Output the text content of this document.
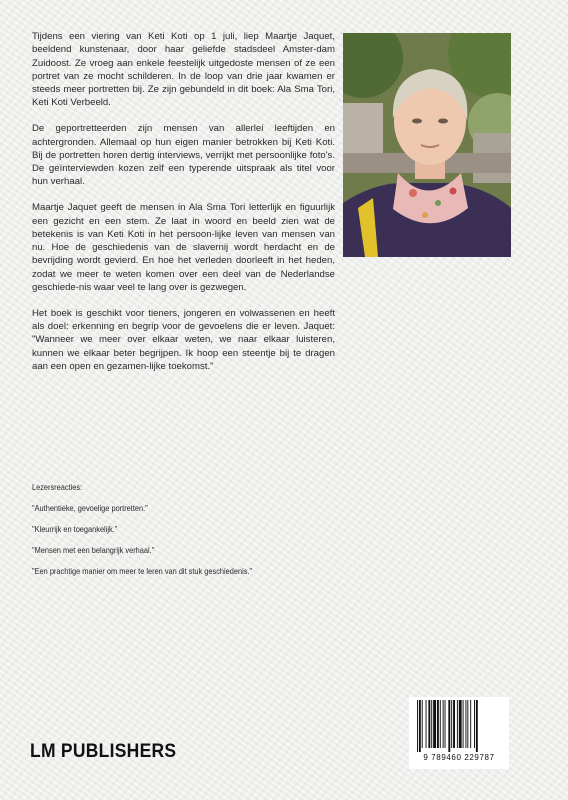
Tijdens een viering van Keti Koti op 1 juli, liep Maartje Jaquet, beeldend kunstenaar, door haar geliefde stadsdeel Amster-dam Zuidoost. Ze vroeg aan enkele feestelijk uitgedoste mensen of ze een portret van ze mocht schilderen. In de loop van drie jaar kwamen er steeds meer portretten bij. Ze zijn gebundeld in dit boek: Ala Sma Tori, Keti Koti Verbeeld.

De geportretteerden zijn mensen van allerlei leeftijden en achtergronden. Allemaal op hun eigen manier betrokken bij Keti Koti. Bij de portretten horen dertig interviews, verrijkt met persoonlijke foto's. De geïnterviewden kozen zelf een typerende uitspraak als titel voor hun verhaal.

Maartje Jaquet geeft de mensen in Ala Sma Tori letterlijk en figuurlijk een gezicht en een stem. Ze laat in woord en beeld zien wat de betekenis is van Keti Koti in het persoon-lijke leven van mensen van nu. Hoe de geschiedenis van de slavernij wordt herdacht en de bevrijding wordt gevierd. En hoe het verleden doorleeft in het heden, zodat we meer te weten komen over een deel van de Nederlandse geschiede-nis waar veel te lang over is gezwegen.

Het boek is geschikt voor tieners, jongeren en volwassenen en heeft als doel: erkenning en begrip voor de gevoelens die er leven. Jaquet: "Wanneer we meer over elkaar weten, we naar elkaar luisteren, kunnen we elkaar beter begrijpen. Ik hoop een steentje bij te dragen aan een open en gezamen-lijke toekomst."

Lezersreacties:
"Authentieke, gevoelige portretten."
"Kleurrijk en toegankelijk."
"Mensen met een belangrijk verhaal."
"Een prachtige manier om meer te leren van dit stuk geschiedenis."
LM PUBLISHERS	9 789460 229787
